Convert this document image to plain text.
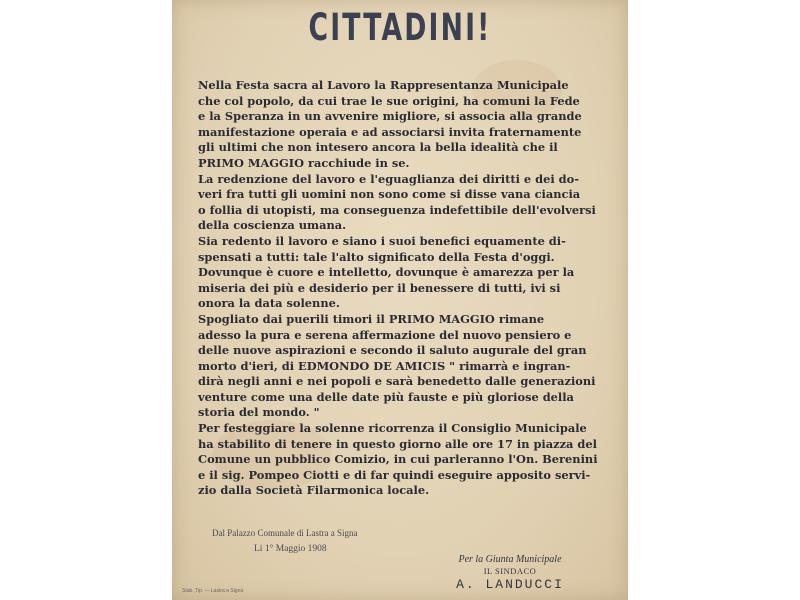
CITTADINI!
Nella Festa sacra al Lavoro la Rappresentanza Municipale
che col popolo, da cui trae le sue origini, ha comuni la Fede
e la Speranza in un avvenire migliore, si associa alla grande
manifestazione operaia e ad associarsi invita fraternamente
gli ultimi che non intesero ancora la bella idealità che il
PRIMO MAGGIO racchiude in se.
La redenzione del lavoro e l'eguaglianza dei diritti e dei do-
veri fra tutti gli uomini non sono come si disse vana ciancia
o follia di utopisti, ma conseguenza indefettibile dell'evolversi
della coscienza umana.
Sia redento il lavoro e siano i suoi benefici equamente di-
spensati a tutti: tale l'alto significato della Festa d'oggi.
Dovunque è cuore e intelletto, dovunque è amarezza per la
miseria dei più e desiderio per il benessere di tutti, ivi si
onora la data solenne.
Spogliato dai puerili timori il PRIMO MAGGIO rimane
adesso la pura e serena affermazione del nuovo pensiero e
delle nuove aspirazioni e secondo il saluto augurale del gran
morto d'ieri, di EDMONDO DE AMICIS " rimarrà e ingran-
dirà negli anni e nei popoli e sarà benedetto dalle generazioni
venture come una delle date più fauste e più gloriose della
storia del mondo. "
Per festeggiare la solenne ricorrenza il Consiglio Municipale
ha stabilito di tenere in questo giorno alle ore 17 in piazza del
Comune un pubblico Comizio, in cui parleranno l'On. Berenini
e il sig. Pompeo Ciotti e di far quindi eseguire apposito servi-
zio dalla Società Filarmonica locale.
Dal Palazzo Comunale di Lastra a Signa
Li 1° Maggio 1908
Per la Giunta Municipale
IL SINDACO
A. LANDUCCI
Stab. Tip. — Lastra a Signa
